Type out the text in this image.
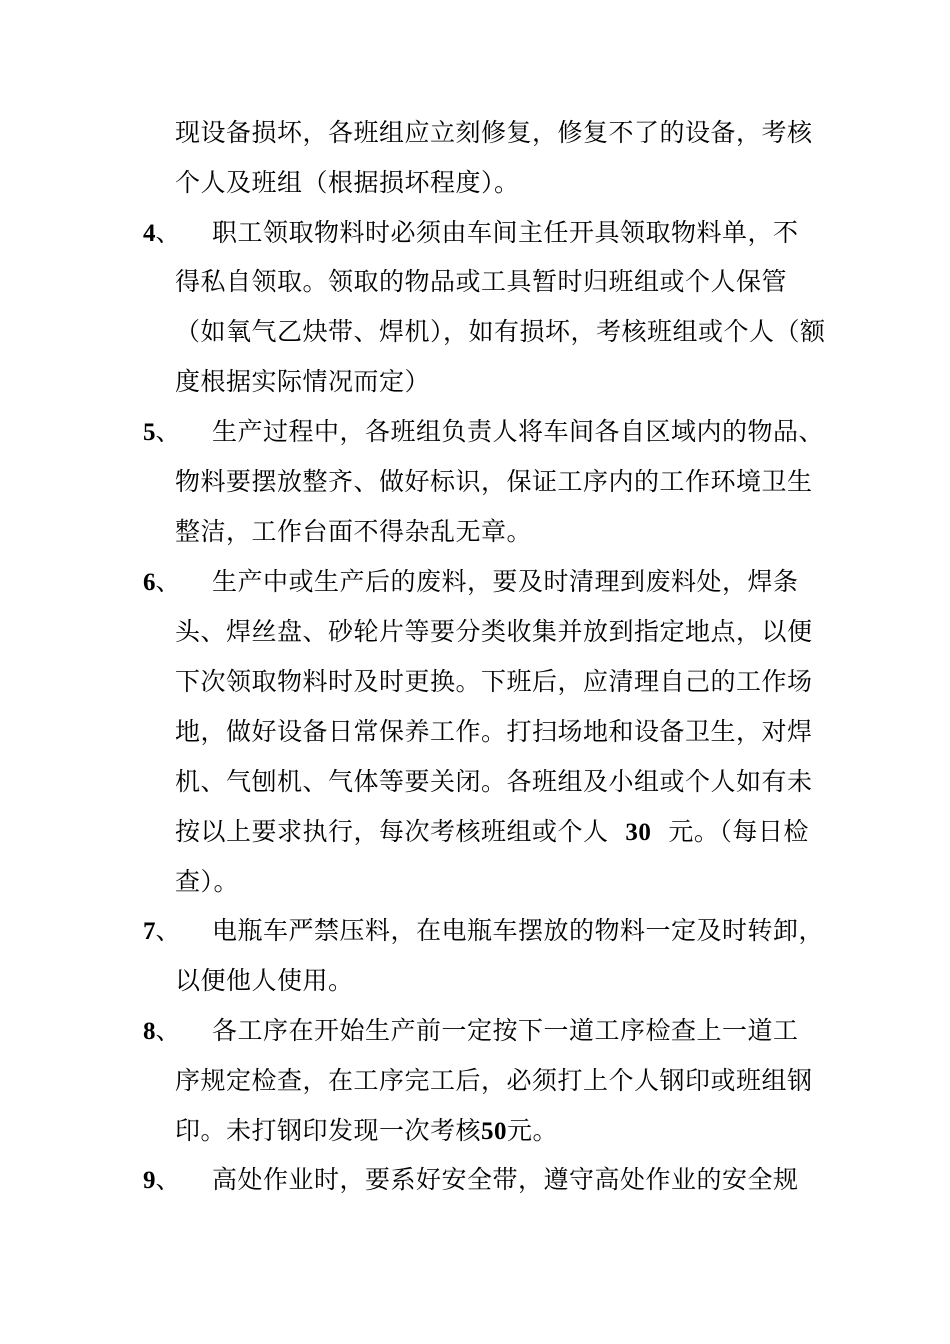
现设备损坏，各班组应立刻修复，修复不了的设备，考核
个人及班组（根据损坏程度）。
4、 职工领取物料时必须由车间主任开具领取物料单，不
得私自领取。领取的物品或工具暂时归班组或个人保管
（如氧气乙炔带、焊机），如有损坏，考核班组或个人（额
度根据实际情况而定）
5、 生产过程中，各班组负责人将车间各自区域内的物品、
物料要摆放整齐、做好标识，保证工序内的工作环境卫生
整洁，工作台面不得杂乱无章。
6、 生产中或生产后的废料，要及时清理到废料处，焊条
头、焊丝盘、砂轮片等要分类收集并放到指定地点，以便
下次领取物料时及时更换。下班后，应清理自己的工作场
地，做好设备日常保养工作。打扫场地和设备卫生，对焊
机、气刨机、气体等要关闭。各班组及小组或个人如有未
按以上要求执行，每次考核班组或个人 30 元。（每日检
查）。
7、 电瓶车严禁压料，在电瓶车摆放的物料一定及时转卸，
以便他人使用。
8、 各工序在开始生产前一定按下一道工序检查上一道工
序规定检查，在工序完工后，必须打上个人钢印或班组钢
印。未打钢印发现一次考核50元。
9、 高处作业时，要系好安全带，遵守高处作业的安全规
